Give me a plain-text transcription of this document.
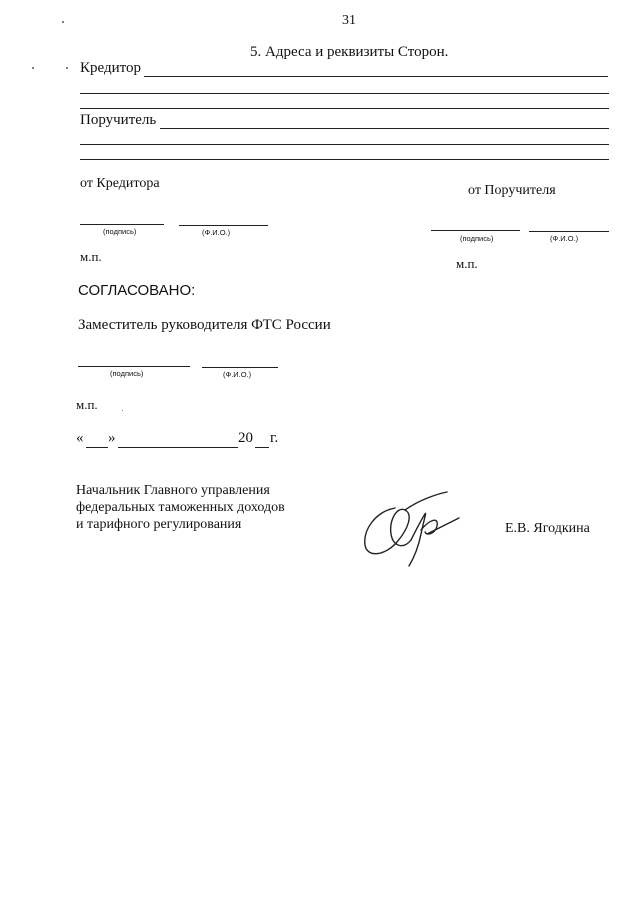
31
5. Адреса и реквизиты Сторон.
Кредитор
Поручитель
от Кредитора	от Поручителя
(подпись)	(Ф.И.О.)
(подпись)	(Ф.И.О.)
м.п.	м.п.
СОГЛАСОВАНО:
Заместитель руководителя ФТС России
(подпись)	(Ф.И.О.)
м.п.
« »	20 г.
Начальник Главного управления
федеральных таможенных доходов
и тарифного регулирования	Е.В. Ягодкина
